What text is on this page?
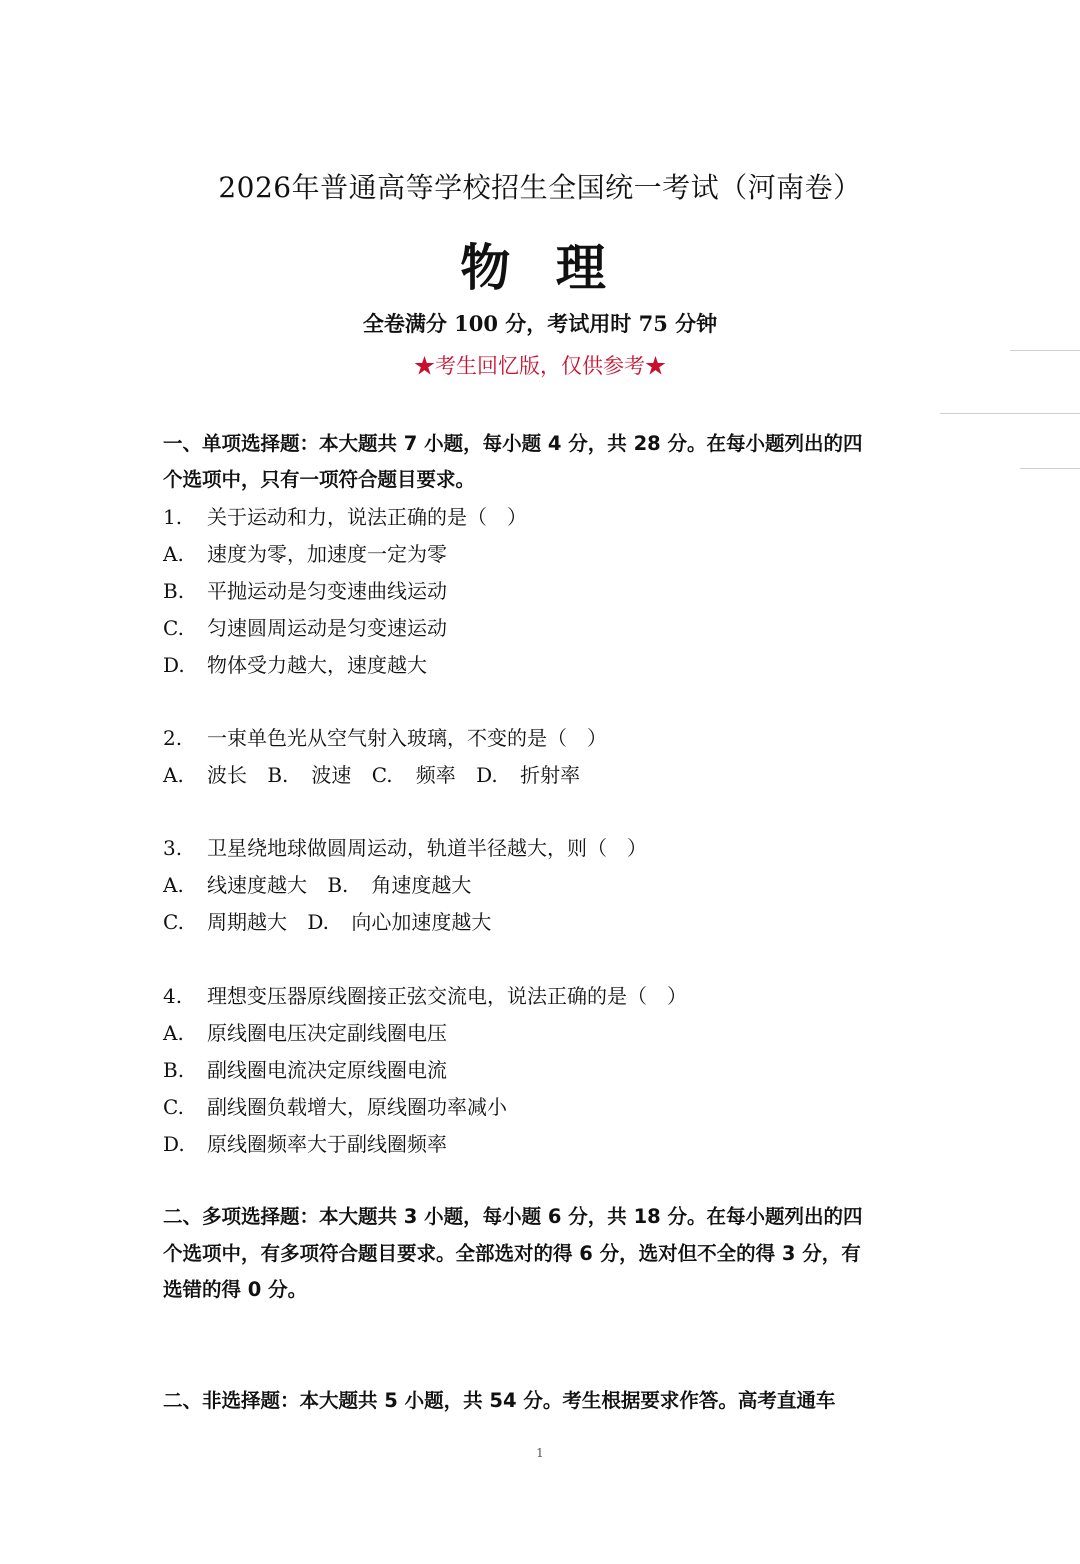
2026年普通高等学校招生全国统一考试（河南卷）
物 理
全卷满分 100 分，考试用时 75 分钟
★考生回忆版，仅供参考★
一、单项选择题：本大题共 7 小题，每小题 4 分，共 28 分。在每小题列出的四
个选项中，只有一项符合题目要求。
1. 关于运动和力，说法正确的是（　）
A. 速度为零，加速度一定为零
B. 平抛运动是匀变速曲线运动
C. 匀速圆周运动是匀变速运动
D. 物体受力越大，速度越大
2. 一束单色光从空气射入玻璃，不变的是（　）
A. 波长 B. 波速 C. 频率 D. 折射率
3. 卫星绕地球做圆周运动，轨道半径越大，则（　）
A. 线速度越大 B. 角速度越大
C. 周期越大 D. 向心加速度越大
4. 理想变压器原线圈接正弦交流电，说法正确的是（　）
A. 原线圈电压决定副线圈电压
B. 副线圈电流决定原线圈电流
C. 副线圈负载增大，原线圈功率减小
D. 原线圈频率大于副线圈频率
二、多项选择题：本大题共 3 小题，每小题 6 分，共 18 分。在每小题列出的四
个选项中，有多项符合题目要求。全部选对的得 6 分，选对但不全的得 3 分，有
选错的得 0 分。
二、非选择题：本大题共 5 小题，共 54 分。考生根据要求作答。高考直通车
1
